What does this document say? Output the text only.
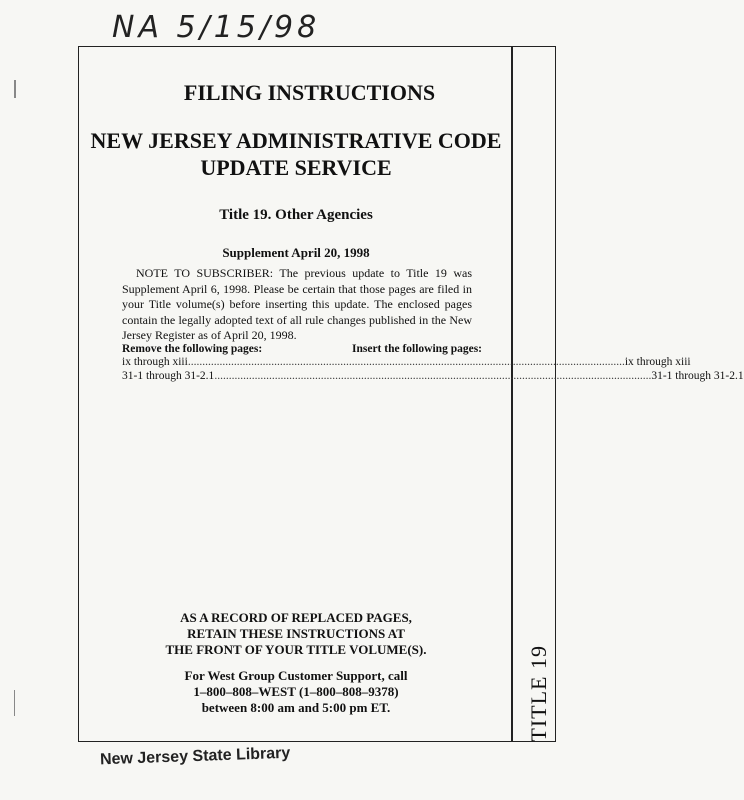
NA 5/15/98
TITLE 19
FILING INSTRUCTIONS
NEW JERSEY ADMINISTRATIVE CODE
UPDATE SERVICE
Title 19. Other Agencies
Supplement April 20, 1998
NOTE TO SUBSCRIBER: The previous update to Title 19 was Supplement April 6, 1998. Please be certain that those pages are filed in your Title volume(s) before inserting this update. The enclosed pages contain the legally adopted text of all rule changes published in the New Jersey Register as of April 20, 1998.
Remove the following pages:	Insert the following pages:
ix through xiii ........................................................................................................................................................ ix through xiii
31-1 through 31-2.1 ........................................................................................................................................................ 31-1 through 31-2.1
AS A RECORD OF REPLACED PAGES,
RETAIN THESE INSTRUCTIONS AT
THE FRONT OF YOUR TITLE VOLUME(S).
For West Group Customer Support, call
1–800–808–WEST (1–800–808–9378)
between 8:00 am and 5:00 pm ET.
New Jersey State Library
